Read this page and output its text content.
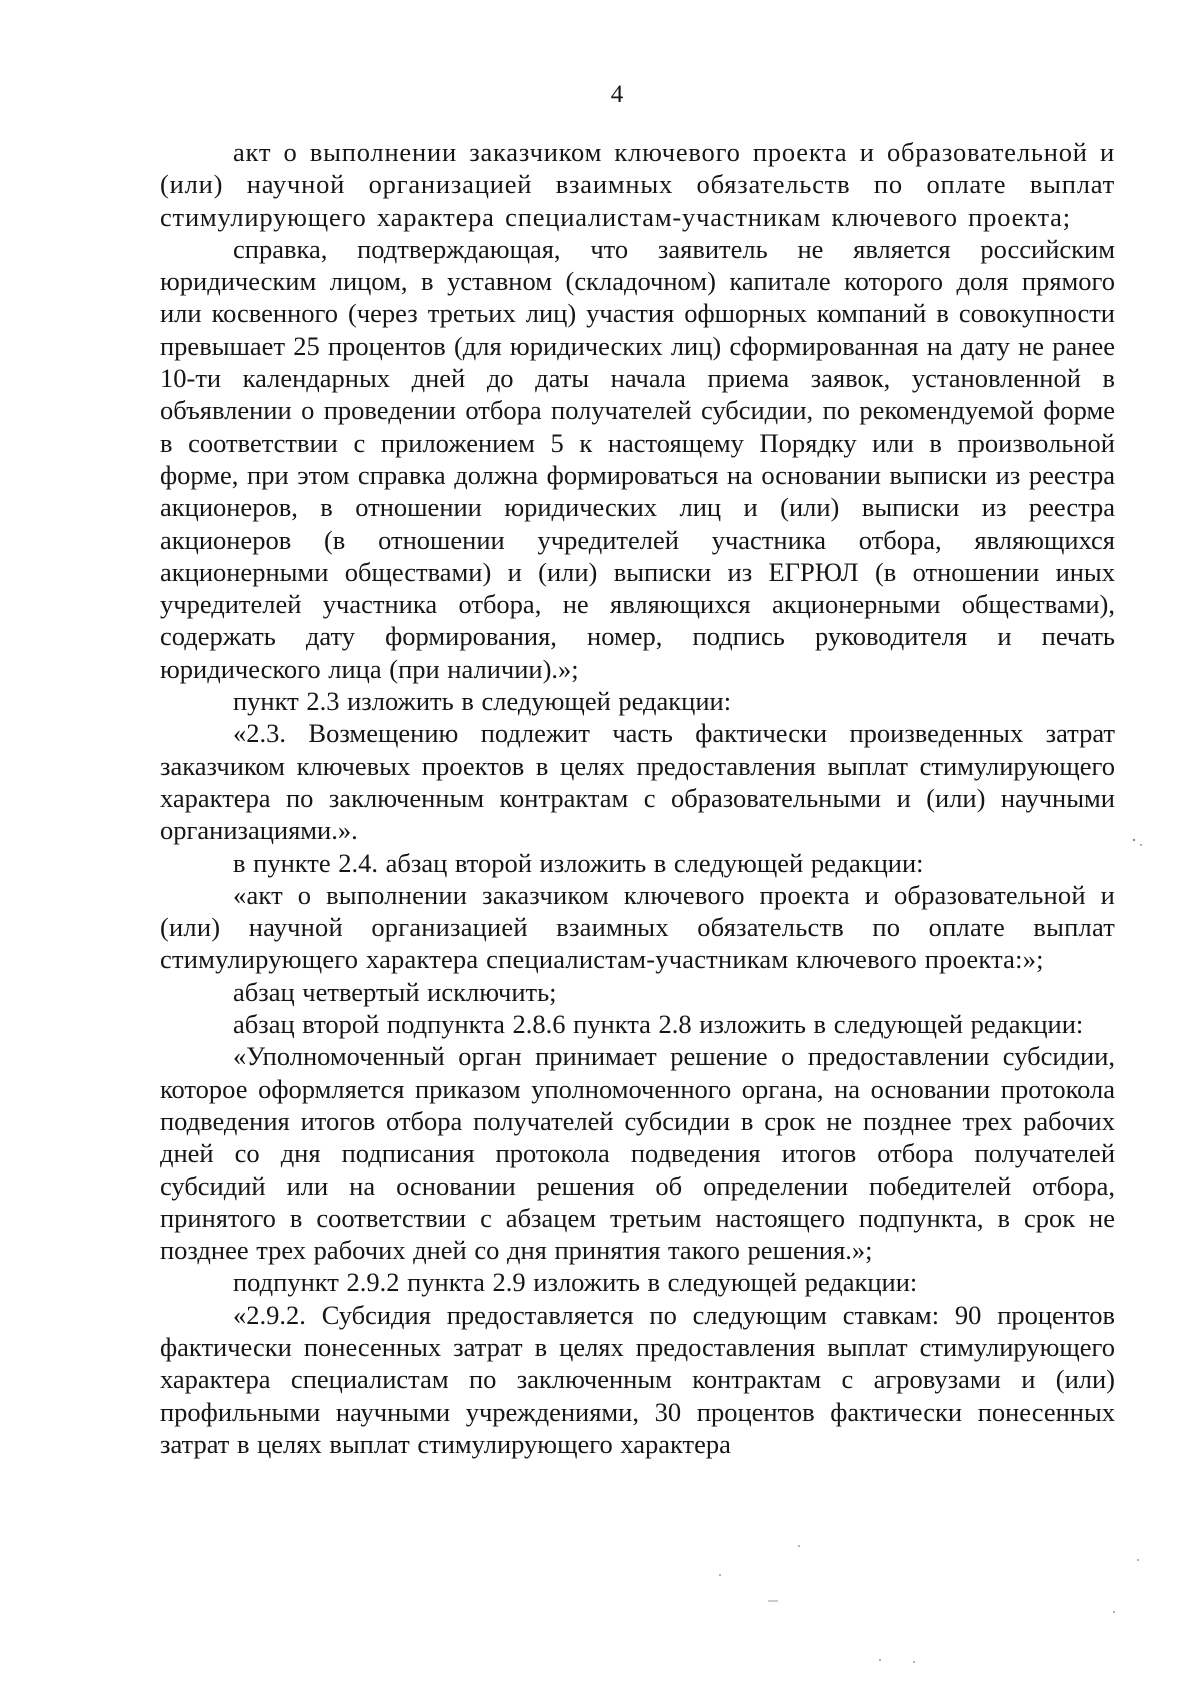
4

акт о выполнении заказчиком ключевого проекта и образовательной и (или) научной организацией взаимных обязательств по оплате выплат стимулирующего характера специалистам-участникам ключевого проекта;

справка, подтверждающая, что заявитель не является российским юридическим лицом, в уставном (складочном) капитале которого доля прямого или косвенного (через третьих лиц) участия офшорных компаний в совокупности превышает 25 процентов (для юридических лиц) сформированная на дату не ранее 10-ти календарных дней до даты начала приема заявок, установленной в объявлении о проведении отбора получателей субсидии, по рекомендуемой форме в соответствии с приложением 5 к настоящему Порядку или в произвольной форме, при этом справка должна формироваться на основании выписки из реестра акционеров, в отношении юридических лиц и (или) выписки из реестра акционеров (в отношении учредителей участника отбора, являющихся акционерными обществами) и (или) выписки из ЕГРЮЛ (в отношении иных учредителей участника отбора, не являющихся акционерными обществами), содержать дату формирования, номер, подпись руководителя и печать юридического лица (при наличии).»;

пункт 2.3 изложить в следующей редакции:

«2.3. Возмещению подлежит часть фактически произведенных затрат заказчиком ключевых проектов в целях предоставления выплат стимулирующего характера по заключенным контрактам с образовательными и (или) научными организациями.».

в пункте 2.4. абзац второй изложить в следующей редакции:

«акт о выполнении заказчиком ключевого проекта и образовательной и (или) научной организацией взаимных обязательств по оплате выплат стимулирующего характера специалистам-участникам ключевого проекта:»;

абзац четвертый исключить;

абзац второй подпункта 2.8.6 пункта 2.8 изложить в следующей редакции:

«Уполномоченный орган принимает решение о предоставлении субсидии, которое оформляется приказом уполномоченного органа, на основании протокола подведения итогов отбора получателей субсидии в срок не позднее трех рабочих дней со дня подписания протокола подведения итогов отбора получателей субсидий или на основании решения об определении победителей отбора, принятого в соответствии с абзацем третьим настоящего подпункта, в срок не позднее трех рабочих дней со дня принятия такого решения.»;

подпункт 2.9.2 пункта 2.9 изложить в следующей редакции:

«2.9.2. Субсидия предоставляется по следующим ставкам: 90 процентов фактически понесенных затрат в целях предоставления выплат стимулирующего характера специалистам по заключенным контрактам с агровузами и (или) профильными научными учреждениями, 30 процентов фактически понесенных затрат в целях выплат стимулирующего характера
